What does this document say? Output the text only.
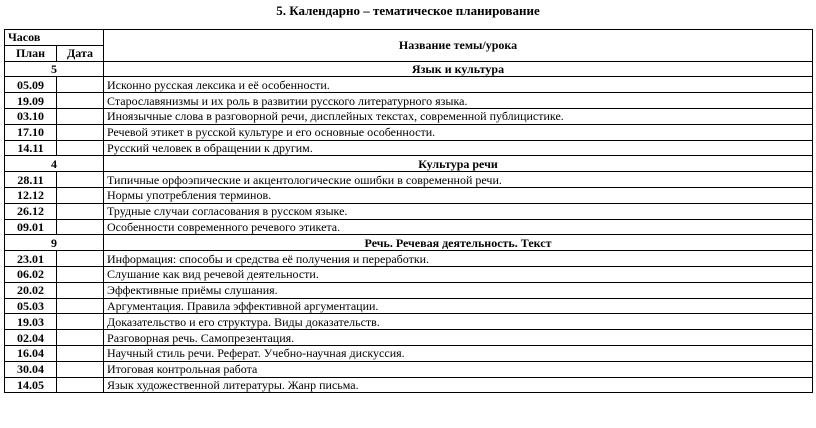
5. Календарно – тематическое планирование
Часов		Название темы/урока
План	Дата	
5		Язык и культура
05.09		Исконно русская лексика и её особенности.
19.09		Старославянизмы и их роль в развитии русского литературного языка.
03.10		Иноязычные слова в разговорной речи, дисплейных текстах, современной публицистике.
17.10		Речевой этикет в русской культуре и его основные особенности.
14.11		Русский человек в обращении к другим.
4		Культура речи
28.11		Типичные орфоэпические и акцентологические ошибки в современной речи.
12.12		Нормы употребления терминов.
26.12		Трудные случаи согласования в русском языке.
09.01		Особенности современного речевого этикета.
9		Речь. Речевая деятельность. Текст
23.01		Информация: способы и средства её получения и переработки.
06.02		Слушание как вид речевой деятельности.
20.02		Эффективные приёмы слушания.
05.03		Аргументация. Правила эффективной аргументации.
19.03		Доказательство и его структура. Виды доказательств.
02.04		Разговорная речь. Самопрезентация.
16.04		Научный стиль речи. Реферат. Учебно-научная дискуссия.
30.04		Итоговая контрольная работа
14.05		Язык художественной литературы. Жанр письма.
